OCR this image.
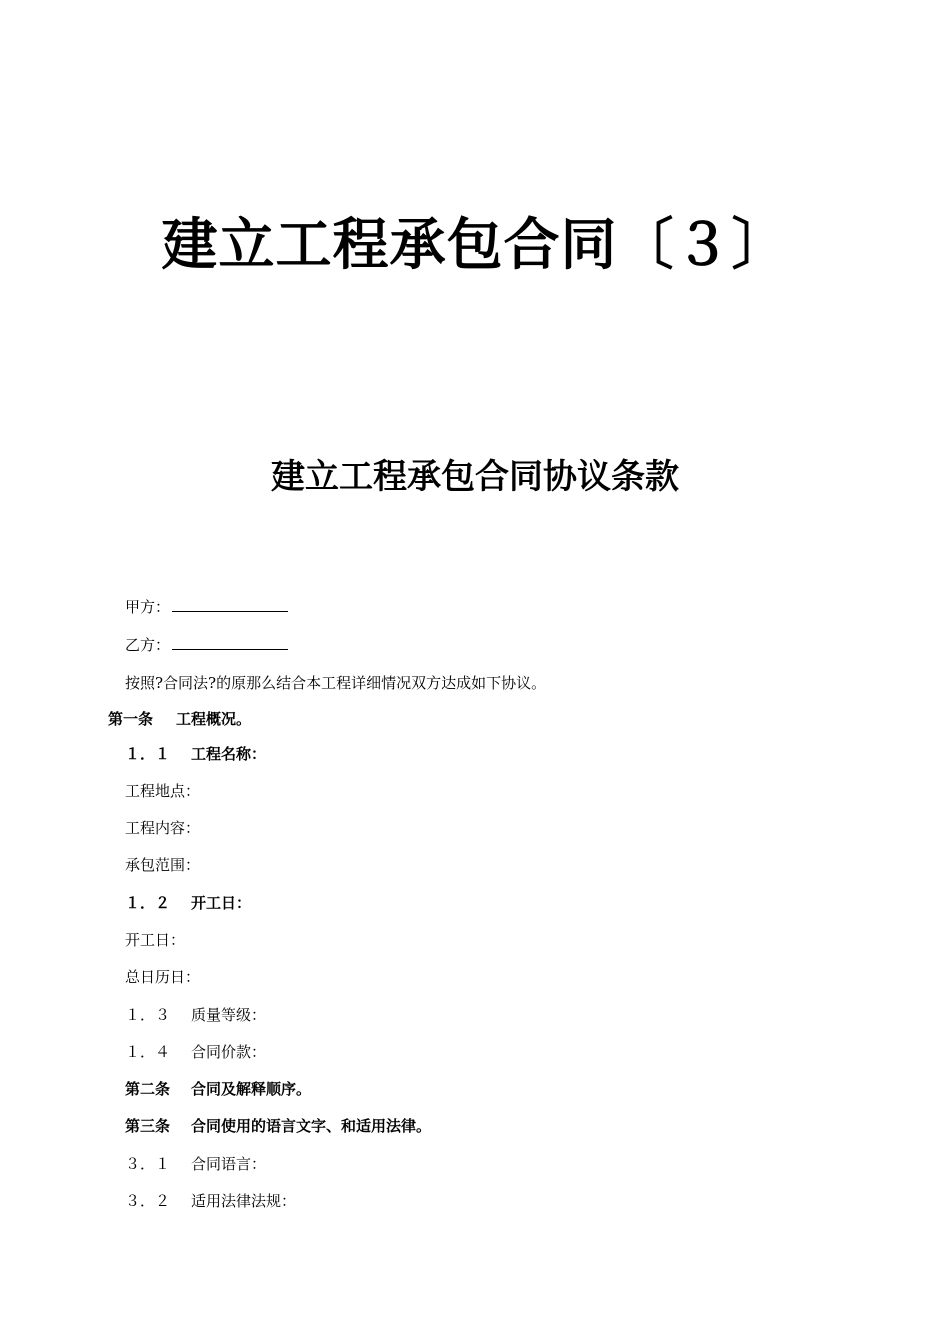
建立工程承包合同〔３〕
建立工程承包合同协议条款
甲方：
乙方：
按照?合同法?的原那么结合本工程详细情况双方达成如下协议。
第一条 工程概况。
１．１ 工程名称：
工程地点：
工程内容：
承包范围：
１．２ 开工日：
开工日：
总日历日：
１．３ 质量等级：
１．４ 合同价款：
第二条 合同及解释顺序。
第三条 合同使用的语言文字、和适用法律。
３．１ 合同语言：
３．２ 适用法律法规：
